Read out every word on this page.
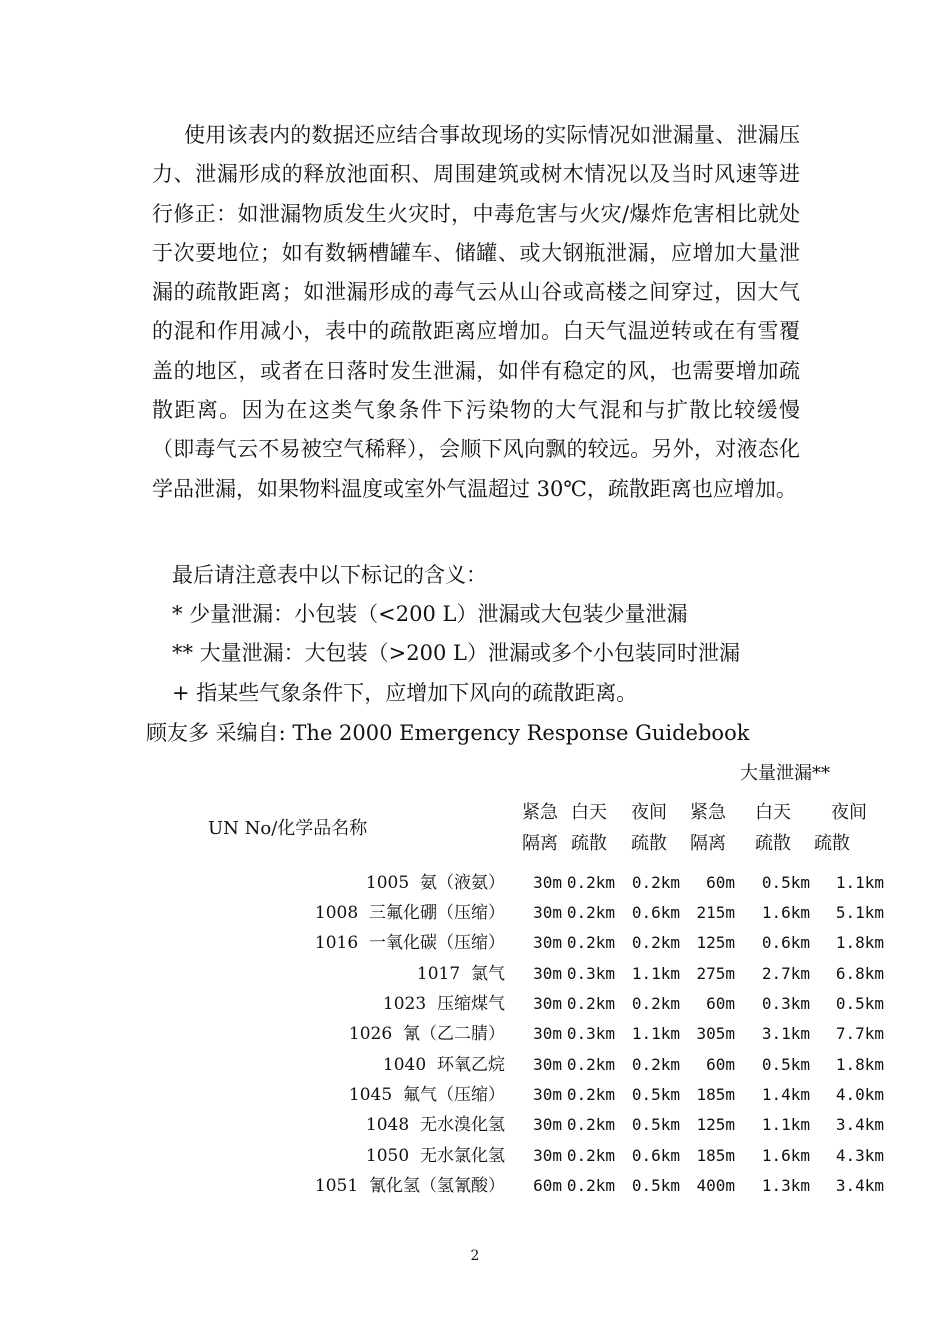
使用该表内的数据还应结合事故现场的实际情况如泄漏量、泄漏压力、泄漏形成的释放池面积、周围建筑或树木情况以及当时风速等进行修正：如泄漏物质发生火灾时，中毒危害与火灾/爆炸危害相比就处于次要地位；如有数辆槽罐车、储罐、或大钢瓶泄漏，应增加大量泄漏的疏散距离；如泄漏形成的毒气云从山谷或高楼之间穿过，因大气的混和作用减小，表中的疏散距离应增加。白天气温逆转或在有雪覆盖的地区，或者在日落时发生泄漏，如伴有稳定的风，也需要增加疏散距离。因为在这类气象条件下污染物的大气混和与扩散比较缓慢（即毒气云不易被空气稀释），会顺下风向飘的较远。另外，对液态化学品泄漏，如果物料温度或室外气温超过 30℃，疏散距离也应增加。

最后请注意表中以下标记的含义：
* 少量泄漏：小包装（<200 L）泄漏或大包装少量泄漏
** 大量泄漏：大包装（>200 L）泄漏或多个小包装同时泄漏
+ 指某些气象条件下，应增加下风向的疏散距离。
顾友多 采编自: The 2000 Emergency Response Guidebook
大量泄漏**
UN No/化学品名称
紧急
隔离
白天
疏散
夜间
疏散
紧急
隔离
白天
疏散
夜间
疏散
1005 氨（液氨） 30m 0.2km 0.2km 60m 0.5km 1.1km
1008 三氟化硼（压缩） 30m 0.2km 0.6km 215m 1.6km 5.1km
1016 一氧化碳（压缩） 30m 0.2km 0.2km 125m 0.6km 1.8km
1017 氯气 30m 0.3km 1.1km 275m 2.7km 6.8km
1023 压缩煤气 30m 0.2km 0.2km 60m 0.3km 0.5km
1026 氰（乙二腈） 30m 0.3km 1.1km 305m 3.1km 7.7km
1040 环氧乙烷 30m 0.2km 0.2km 60m 0.5km 1.8km
1045 氟气（压缩） 30m 0.2km 0.5km 185m 1.4km 4.0km
1048 无水溴化氢 30m 0.2km 0.5km 125m 1.1km 3.4km
1050 无水氯化氢 30m 0.2km 0.6km 185m 1.6km 4.3km
1051 氰化氢（氢氰酸） 60m 0.2km 0.5km 400m 1.3km 3.4km
2
